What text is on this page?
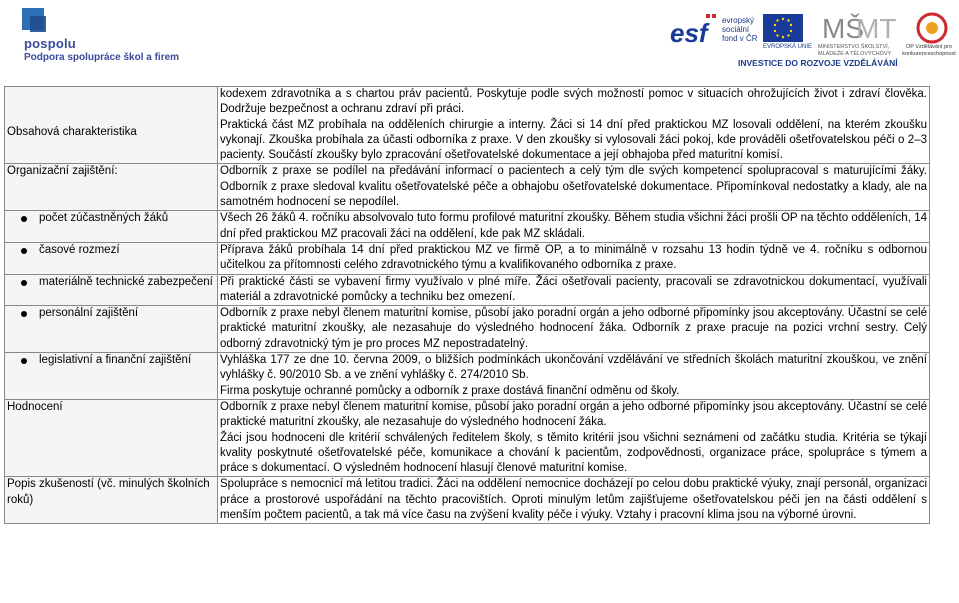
pospolu
Podpora spolupráce škol a firem
esf evropský
sociální
fond v ČR
EVROPSKÁ UNIE
MŠ
MT
MINISTERSTVO ŠKOLSTVÍ, MLÁDEŽE A TĚLOVÝCHOVY
OP Vzdělávání pro konkurenceschopnost
INVESTICE DO ROZVOJE VZDĚLÁVÁNÍ
Obsahová charakteristika	kodexem zdravotníka a s chartou práv pacientů. Poskytuje podle svých možností pomoc v situacích ohrožujících život i zdraví člověka. Dodržuje bezpečnost a ochranu zdraví při práci.
Praktická část MZ probíhala na odděleních chirurgie a interny. Žáci si 14 dní před praktickou MZ losovali oddělení, na kterém zkoušku vykonají. Zkouška probíhala za účasti odborníka z praxe. V den zkoušky si vylosovali žáci pokoj, kde prováděli ošetřovatelskou péči o 2–3 pacienty. Součástí zkoušky bylo zpracování ošetřovatelské dokumentace a její obhajoba před maturitní komisí.

Organizační zajištění:	Odborník z praxe se podílel na předávání informací o pacientech a celý tým dle svých kompetencí spolupracoval s maturujícími žáky. Odborník z praxe sledoval kvalitu ošetřovatelské péče a obhajobu ošetřovatelské dokumentace. Připomínkoval nedostatky a klady, ale na samotném hodnocení se nepodílel.

počet zúčastněných žáků	Všech 26 žáků 4. ročníku absolvovalo tuto formu profilové maturitní zkoušky. Během studia všichni žáci prošli OP na těchto odděleních, 14 dní před praktickou MZ pracovali žáci na oddělení, kde pak MZ skládali.

časové rozmezí	Příprava žáků probíhala 14 dní před praktickou MZ ve firmě OP, a to minimálně v rozsahu 13 hodin týdně ve 4. ročníku s odbornou učitelkou za přítomnosti celého zdravotnického týmu a kvalifikovaného odborníka z praxe.

materiálně technické zabezpečení	Při praktické části se vybavení firmy využívalo v plné míře. Žáci ošetřovali pacienty, pracovali se zdravotnickou dokumentací, využívali materiál a zdravotnické pomůcky a techniku bez omezení.

personální zajištění	Odborník z praxe nebyl členem maturitní komise, působí jako poradní orgán a jeho odborné připomínky jsou akceptovány. Účastní se celé praktické maturitní zkoušky, ale nezasahuje do výsledného hodnocení žáka. Odborník z praxe pracuje na pozici vrchní sestry. Celý odborný zdravotnický tým je pro proces MZ nepostradatelný.

legislativní a finanční zajištění	Vyhláška 177 ze dne 10. června 2009, o bližších podmínkách ukončování vzdělávání ve středních školách maturitní zkouškou, ve znění vyhlášky č. 90/2010 Sb. a ve znění vyhlášky č. 274/2010 Sb.
Firma poskytuje ochranné pomůcky a odborník z praxe dostává finanční odměnu od školy.

Hodnocení	Odborník z praxe nebyl členem maturitní komise, působí jako poradní orgán a jeho odborné připomínky jsou akceptovány. Účastní se celé praktické maturitní zkoušky, ale nezasahuje do výsledného hodnocení žáka.
Žáci jsou hodnoceni dle kritérií schválených ředitelem školy, s těmito kritérii jsou všichni seznámeni od začátku studia. Kritéria se týkají kvality poskytnuté ošetřovatelské péče, komunikace a chování k pacientům, zodpovědnosti, organizace práce, spolupráce s týmem a práce s dokumentací. O výsledném hodnocení hlasují členové maturitní komise.

Popis zkušeností (vč. minulých školních roků)	Spolupráce s nemocnicí má letitou tradici. Žáci na oddělení nemocnice docházejí po celou dobu praktické výuky, znají personál, organizaci práce a prostorové uspořádání na těchto pracovištích. Oproti minulým letům zajišťujeme ošetřovatelskou péči jen na části oddělení s menším počtem pacientů, a tak má více času na zvýšení kvality péče i výuky. Vztahy i pracovní klima jsou na výborné úrovni.
